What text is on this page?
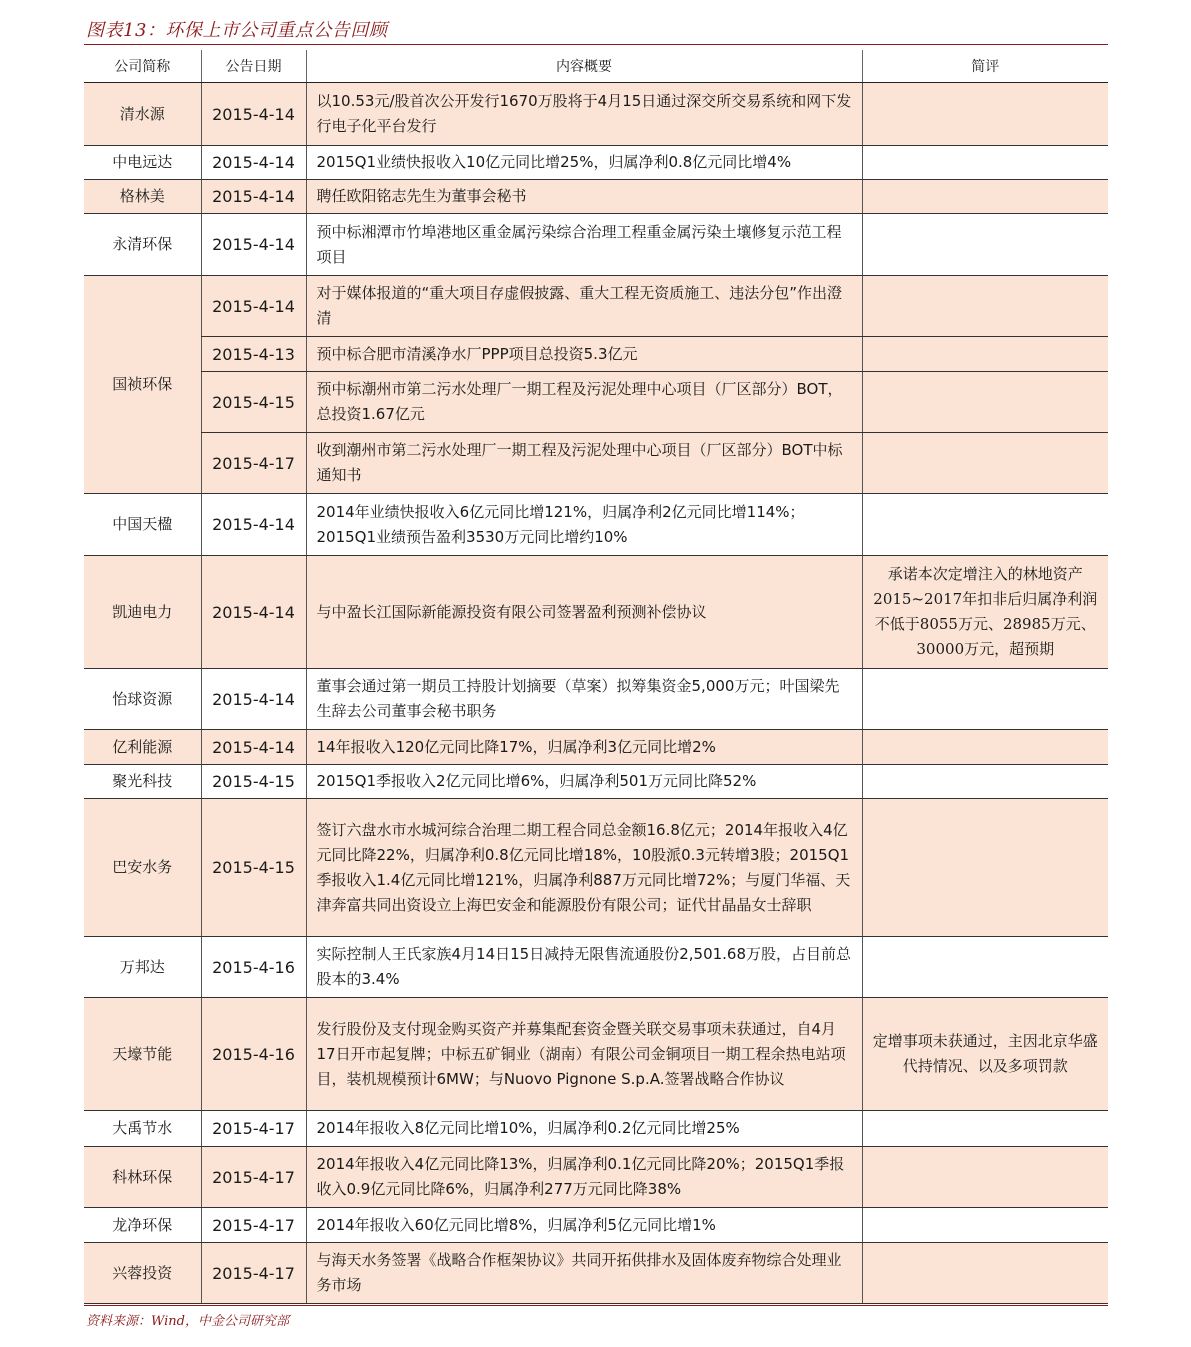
图表13：环保上市公司重点公告回顾
公司简称	公告日期	内容概要	简评
清水源	2015-4-14	以10.53元/股首次公开发行1670万股将于4月15日通过深交所交易系统和网下发行电子化平台发行	
中电远达	2015-4-14	2015Q1业绩快报收入10亿元同比增25%，归属净利0.8亿元同比增4%	
格林美	2015-4-14	聘任欧阳铭志先生为董事会秘书	
永清环保	2015-4-14	预中标湘潭市竹埠港地区重金属污染综合治理工程重金属污染土壤修复示范工程项目	
国祯环保	2015-4-14	对于媒体报道的“重大项目存虚假披露、重大工程无资质施工、违法分包”作出澄清	
	2015-4-13	预中标合肥市清溪净水厂PPP项目总投资5.3亿元	
	2015-4-15	预中标潮州市第二污水处理厂一期工程及污泥处理中心项目（厂区部分）BOT，总投资1.67亿元	
	2015-4-17	收到潮州市第二污水处理厂一期工程及污泥处理中心项目（厂区部分）BOT中标通知书	
中国天楹	2015-4-14	2014年业绩快报收入6亿元同比增121%，归属净利2亿元同比增114%；2015Q1业绩预告盈利3530万元同比增约10%	
凯迪电力	2015-4-14	与中盈长江国际新能源投资有限公司签署盈利预测补偿协议	承诺本次定增注入的林地资产2015~2017年扣非后归属净利润不低于8055万元、28985万元、30000万元，超预期
怡球资源	2015-4-14	董事会通过第一期员工持股计划摘要（草案）拟筹集资金5,000万元；叶国梁先生辞去公司董事会秘书职务	
亿利能源	2015-4-14	14年报收入120亿元同比降17%，归属净利3亿元同比增2%	
聚光科技	2015-4-15	2015Q1季报收入2亿元同比增6%，归属净利501万元同比降52%	
巴安水务	2015-4-15	签订六盘水市水城河综合治理二期工程合同总金额16.8亿元；2014年报收入4亿元同比降22%，归属净利0.8亿元同比增18%，10股派0.3元转增3股；2015Q1季报收入1.4亿元同比增121%，归属净利887万元同比增72%；与厦门华福、天津奔富共同出资设立上海巴安金和能源股份有限公司；证代甘晶晶女士辞职	
万邦达	2015-4-16	实际控制人王氏家族4月14日15日减持无限售流通股份2,501.68万股，占目前总股本的3.4%	
天壕节能	2015-4-16	发行股份及支付现金购买资产并募集配套资金暨关联交易事项未获通过，自4月17日开市起复牌；中标五矿铜业（湖南）有限公司金铜项目一期工程余热电站项目，装机规模预计6MW；与Nuovo Pignone S.p.A.签署战略合作协议	定增事项未获通过，主因北京华盛代持情况、以及多项罚款
大禹节水	2015-4-17	2014年报收入8亿元同比增10%，归属净利0.2亿元同比增25%	
科林环保	2015-4-17	2014年报收入4亿元同比降13%，归属净利0.1亿元同比降20%；2015Q1季报收入0.9亿元同比降6%，归属净利277万元同比降38%	
龙净环保	2015-4-17	2014年报收入60亿元同比增8%，归属净利5亿元同比增1%	
兴蓉投资	2015-4-17	与海天水务签署《战略合作框架协议》共同开拓供排水及固体废弃物综合处理业务市场	
资料来源：Wind，中金公司研究部
